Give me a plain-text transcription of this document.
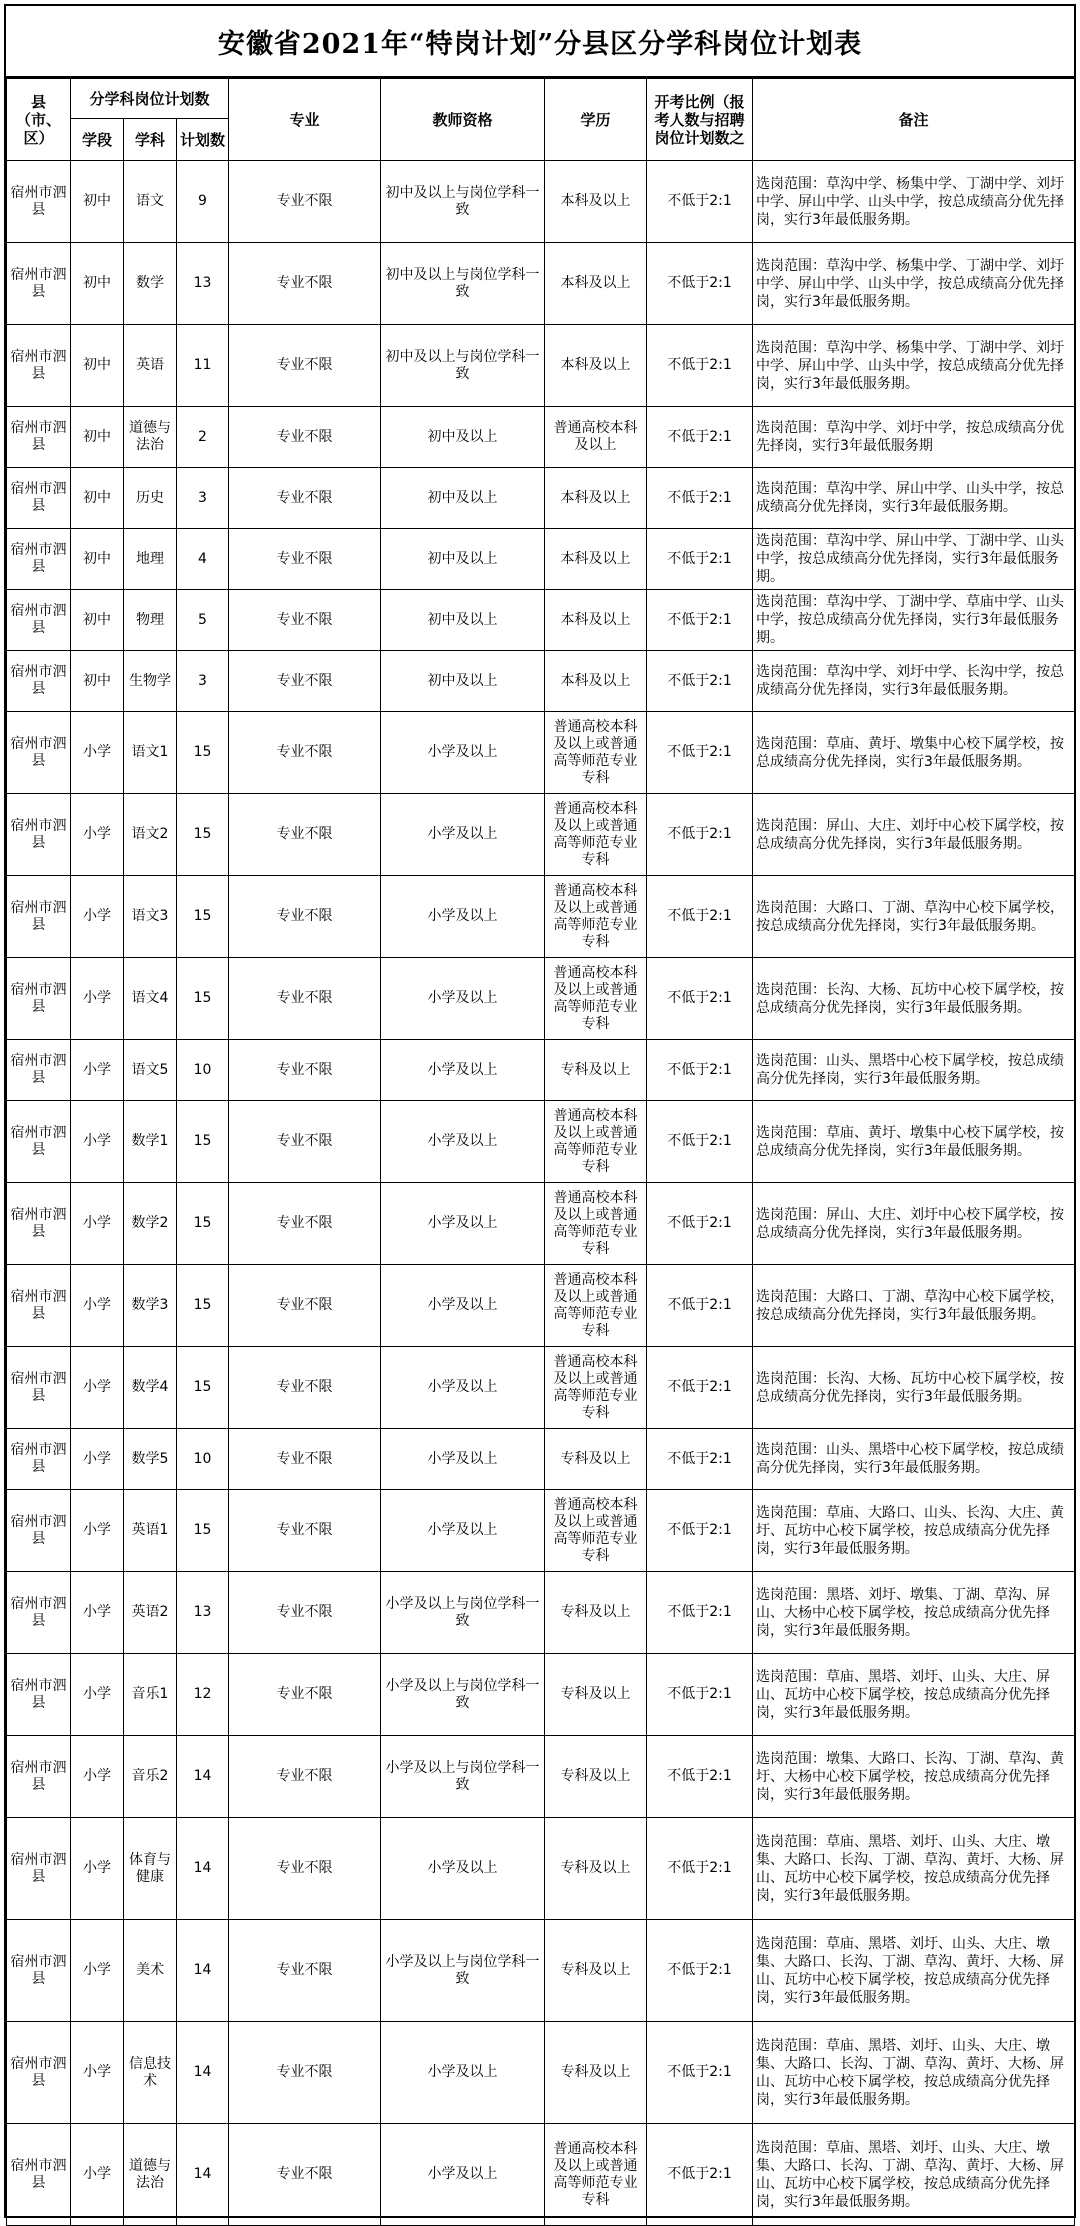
安徽省2021年“特岗计划”分县区分学科岗位计划表
县（市、区）	分学科岗位计划数			专业	教师资格	学历	开考比例（报考人数与招聘岗位计划数之	备注
	学段	学科	计划数					
宿州市泗县	初中	语文	9	专业不限	初中及以上与岗位学科一致	本科及以上	不低于2:1	选岗范围：草沟中学、杨集中学、丁湖中学、刘圩中学、屏山中学、山头中学，按总成绩高分优先择岗，实行3年最低服务期。
宿州市泗县	初中	数学	13	专业不限	初中及以上与岗位学科一致	本科及以上	不低于2:1	选岗范围：草沟中学、杨集中学、丁湖中学、刘圩中学、屏山中学、山头中学，按总成绩高分优先择岗，实行3年最低服务期。
宿州市泗县	初中	英语	11	专业不限	初中及以上与岗位学科一致	本科及以上	不低于2:1	选岗范围：草沟中学、杨集中学、丁湖中学、刘圩中学、屏山中学、山头中学，按总成绩高分优先择岗，实行3年最低服务期。
宿州市泗县	初中	道德与法治	2	专业不限	初中及以上	普通高校本科及以上	不低于2:1	选岗范围：草沟中学、刘圩中学，按总成绩高分优先择岗，实行3年最低服务期
宿州市泗县	初中	历史	3	专业不限	初中及以上	本科及以上	不低于2:1	选岗范围：草沟中学、屏山中学、山头中学，按总成绩高分优先择岗，实行3年最低服务期。
宿州市泗县	初中	地理	4	专业不限	初中及以上	本科及以上	不低于2:1	选岗范围：草沟中学、屏山中学、丁湖中学、山头中学，按总成绩高分优先择岗，实行3年最低服务期。
宿州市泗县	初中	物理	5	专业不限	初中及以上	本科及以上	不低于2:1	选岗范围：草沟中学、丁湖中学、草庙中学、山头中学，按总成绩高分优先择岗，实行3年最低服务期。
宿州市泗县	初中	生物学	3	专业不限	初中及以上	本科及以上	不低于2:1	选岗范围：草沟中学、刘圩中学、长沟中学，按总成绩高分优先择岗，实行3年最低服务期。
宿州市泗县	小学	语文1	15	专业不限	小学及以上	普通高校本科及以上或普通高等师范专业专科	不低于2:1	选岗范围：草庙、黄圩、墩集中心校下属学校，按总成绩高分优先择岗，实行3年最低服务期。
宿州市泗县	小学	语文2	15	专业不限	小学及以上	普通高校本科及以上或普通高等师范专业专科	不低于2:1	选岗范围：屏山、大庄、刘圩中心校下属学校，按总成绩高分优先择岗，实行3年最低服务期。
宿州市泗县	小学	语文3	15	专业不限	小学及以上	普通高校本科及以上或普通高等师范专业专科	不低于2:1	选岗范围：大路口、丁湖、草沟中心校下属学校，按总成绩高分优先择岗，实行3年最低服务期。
宿州市泗县	小学	语文4	15	专业不限	小学及以上	普通高校本科及以上或普通高等师范专业专科	不低于2:1	选岗范围：长沟、大杨、瓦坊中心校下属学校，按总成绩高分优先择岗，实行3年最低服务期。
宿州市泗县	小学	语文5	10	专业不限	小学及以上	专科及以上	不低于2:1	选岗范围：山头、黑塔中心校下属学校，按总成绩高分优先择岗，实行3年最低服务期。
宿州市泗县	小学	数学1	15	专业不限	小学及以上	普通高校本科及以上或普通高等师范专业专科	不低于2:1	选岗范围：草庙、黄圩、墩集中心校下属学校，按总成绩高分优先择岗，实行3年最低服务期。
宿州市泗县	小学	数学2	15	专业不限	小学及以上	普通高校本科及以上或普通高等师范专业专科	不低于2:1	选岗范围：屏山、大庄、刘圩中心校下属学校，按总成绩高分优先择岗，实行3年最低服务期。
宿州市泗县	小学	数学3	15	专业不限	小学及以上	普通高校本科及以上或普通高等师范专业专科	不低于2:1	选岗范围：大路口、丁湖、草沟中心校下属学校，按总成绩高分优先择岗，实行3年最低服务期。
宿州市泗县	小学	数学4	15	专业不限	小学及以上	普通高校本科及以上或普通高等师范专业专科	不低于2:1	选岗范围：长沟、大杨、瓦坊中心校下属学校，按总成绩高分优先择岗，实行3年最低服务期。
宿州市泗县	小学	数学5	10	专业不限	小学及以上	专科及以上	不低于2:1	选岗范围：山头、黑塔中心校下属学校，按总成绩高分优先择岗，实行3年最低服务期。
宿州市泗县	小学	英语1	15	专业不限	小学及以上	普通高校本科及以上或普通高等师范专业专科	不低于2:1	选岗范围：草庙、大路口、山头、长沟、大庄、黄圩、瓦坊中心校下属学校，按总成绩高分优先择岗，实行3年最低服务期。
宿州市泗县	小学	英语2	13	专业不限	小学及以上与岗位学科一致	专科及以上	不低于2:1	选岗范围：黑塔、刘圩、墩集、丁湖、草沟、屏山、大杨中心校下属学校，按总成绩高分优先择岗，实行3年最低服务期。
宿州市泗县	小学	音乐1	12	专业不限	小学及以上与岗位学科一致	专科及以上	不低于2:1	选岗范围：草庙、黑塔、刘圩、山头、大庄、屏山、瓦坊中心校下属学校，按总成绩高分优先择岗，实行3年最低服务期。
宿州市泗县	小学	音乐2	14	专业不限	小学及以上与岗位学科一致	专科及以上	不低于2:1	选岗范围：墩集、大路口、长沟、丁湖、草沟、黄圩、大杨中心校下属学校，按总成绩高分优先择岗，实行3年最低服务期。
宿州市泗县	小学	体育与健康	14	专业不限	小学及以上	专科及以上	不低于2:1	选岗范围：草庙、黑塔、刘圩、山头、大庄、墩集、大路口、长沟、丁湖、草沟、黄圩、大杨、屏山、瓦坊中心校下属学校，按总成绩高分优先择岗，实行3年最低服务期。
宿州市泗县	小学	美术	14	专业不限	小学及以上与岗位学科一致	专科及以上	不低于2:1	选岗范围：草庙、黑塔、刘圩、山头、大庄、墩集、大路口、长沟、丁湖、草沟、黄圩、大杨、屏山、瓦坊中心校下属学校，按总成绩高分优先择岗，实行3年最低服务期。
宿州市泗县	小学	信息技术	14	专业不限	小学及以上	专科及以上	不低于2:1	选岗范围：草庙、黑塔、刘圩、山头、大庄、墩集、大路口、长沟、丁湖、草沟、黄圩、大杨、屏山、瓦坊中心校下属学校，按总成绩高分优先择岗，实行3年最低服务期。
宿州市泗县	小学	道德与法治	14	专业不限	小学及以上	普通高校本科及以上或普通高等师范专业专科	不低于2:1	选岗范围：草庙、黑塔、刘圩、山头、大庄、墩集、大路口、长沟、丁湖、草沟、黄圩、大杨、屏山、瓦坊中心校下属学校，按总成绩高分优先择岗，实行3年最低服务期。
